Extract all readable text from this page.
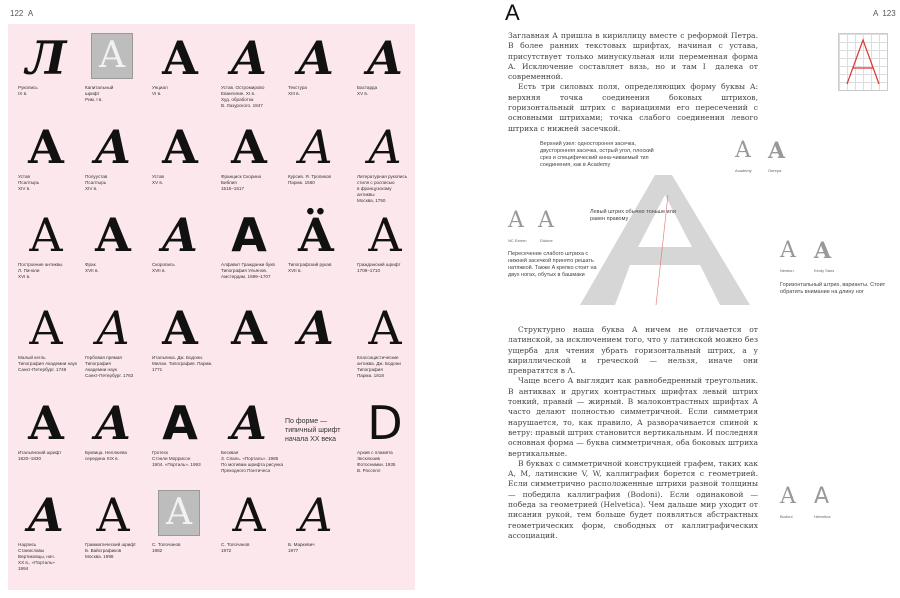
122 A
Л
Рукопись
IX в.
A
Капитальный
шрифт
Рим, I в.
A
Унциал
VI в.
A
Устав. Остромирово
Евангелие. XI в.
Худ. обработка
В. Лазурского. 1947
A
Текстура
XIII в.
A
Бастарда
XV в.
A
Устав
Псалтырь
XIV в.
A
Полуустав
Псалтырь
XIV в.
A
Устав
XV в.
A
Франциск Скорина
Библия
1515–1517
A
Курсив. Я. Тропиков
Париж. 1560
A
Литературная рукопись
стиля с росписью
в французскому
антиквы
Москва, 1750
A
Построение антиквы
Л. Пачоли
XVI в.
A
Фрак
XVII в.
A
Скоропись
XVII в.
A
Алфавит Гражданки букв
Типография Ульянов.
Амстердам, 1699–1707
Ӓ
Типографский рукав
XVII в.
A
Гражданский шрифт
1708–1710
A
Малый кегль
Типография Академии наук
Санкт-Петербург. 1748
A
Гербовая прямая
Типография
Академии наук
Санкт-Петербург. 1763
A
Итальянка. Дж. Бодони. Милан. Типография. Париж. 1771
A A A
Классицистические
антиква. Дж. Бодони
Типография
Парма. 1818
A
Итальянский шрифт
1820–1830
A
Буквица. Неплюева
середина XIX в.
A
Гротеск
Стэнли Моррисон
1904. «Порталь». 1993
A
Бесквая
З. Спаль. «Порталь». 1985
По мотивам шрифта рисунка
Преходного Понтичеса
D
Архив с пламята
Эксклюзив
Фотоснимки. 1935
В. Росселл
A
Надпись
Станиславы
Вертиковцы, нач.
XX в., «Порталь»
1994
A
Грамматический шрифт
Б. Вайсграфиков
Москва. 1998
A
С. Толочанов
1982
A
С. Толочанов
1972
A
Б. Маркевич
1977
По форме — типичный шрифт начала XX века
A 123
A

Заглавная A пришла в кириллицу вместе с реформой Петра. В более ранних текстовых шрифтах, начиная с устава, присутствует только минускульная или переменная форма A. Исключение составляет вязь, но и там Ⅰ далека от современной.

Есть три силовых поля, определяющих форму буквы A: верхняя точка соединения боковых штрихов, горизонтальный штрих с вариациями его пересечений с основными штрихами; точка слабого соединения левого штриха с нижней засечкой.

Верхний узел: одностороння засечка, двусторонняя засечка, острый угол, плоский срез и специфический анна-чиваемый тип соединения, как в Academy
Левый штрих обычно тоньше или равен правому
Пересечение слабого штриха с нижней засечкой принято решать натяжкой. Также A крепко стоит на двух ногах, обутых в башмаки
Горизонтальный штрих, варианты. Стоит обратить внимание на длину ног
A
Academy
A
Литера
A
NC Extern
A
Didone	A
Newton
A
Kindy Sans

Структурно наша буква A ничем не отличается от латинской, за исключением того, что у латинской можно без ущерба для чтения убрать горизонтальный штрих, а у кириллической и греческой — нельзя, иначе они превратятся в Λ.

Чаще всего A выглядит как равнобедренный треугольник. В антиквах и других контрастных шрифтах левый штрих тонкий, правый — жирный. В малоконтрастных шрифтах A часто делают полностью симметричной. Если симметрия нарушается, то, как правило, A разворачивается спиной к ветру: правый штрих становится вертикальным. И последняя основная форма — буква симметричная, оба боковых штриха вертикальные.

В буквах с симметричной конструкцией графем, таких как A, M, латинские V, W, каллиграфия борется с геометрией. Если симметрично расположенные штрихи разной толщины — победила каллиграфия (Bodoni). Если одинаковой — победа за геометрией (Helvetica). Чем дальше мир уходит от писания рукой, тем больше будет появляться абстрактных геометрических форм, свободных от каллиграфических ассоциаций.

A
Bodoni
A
Helvetica
